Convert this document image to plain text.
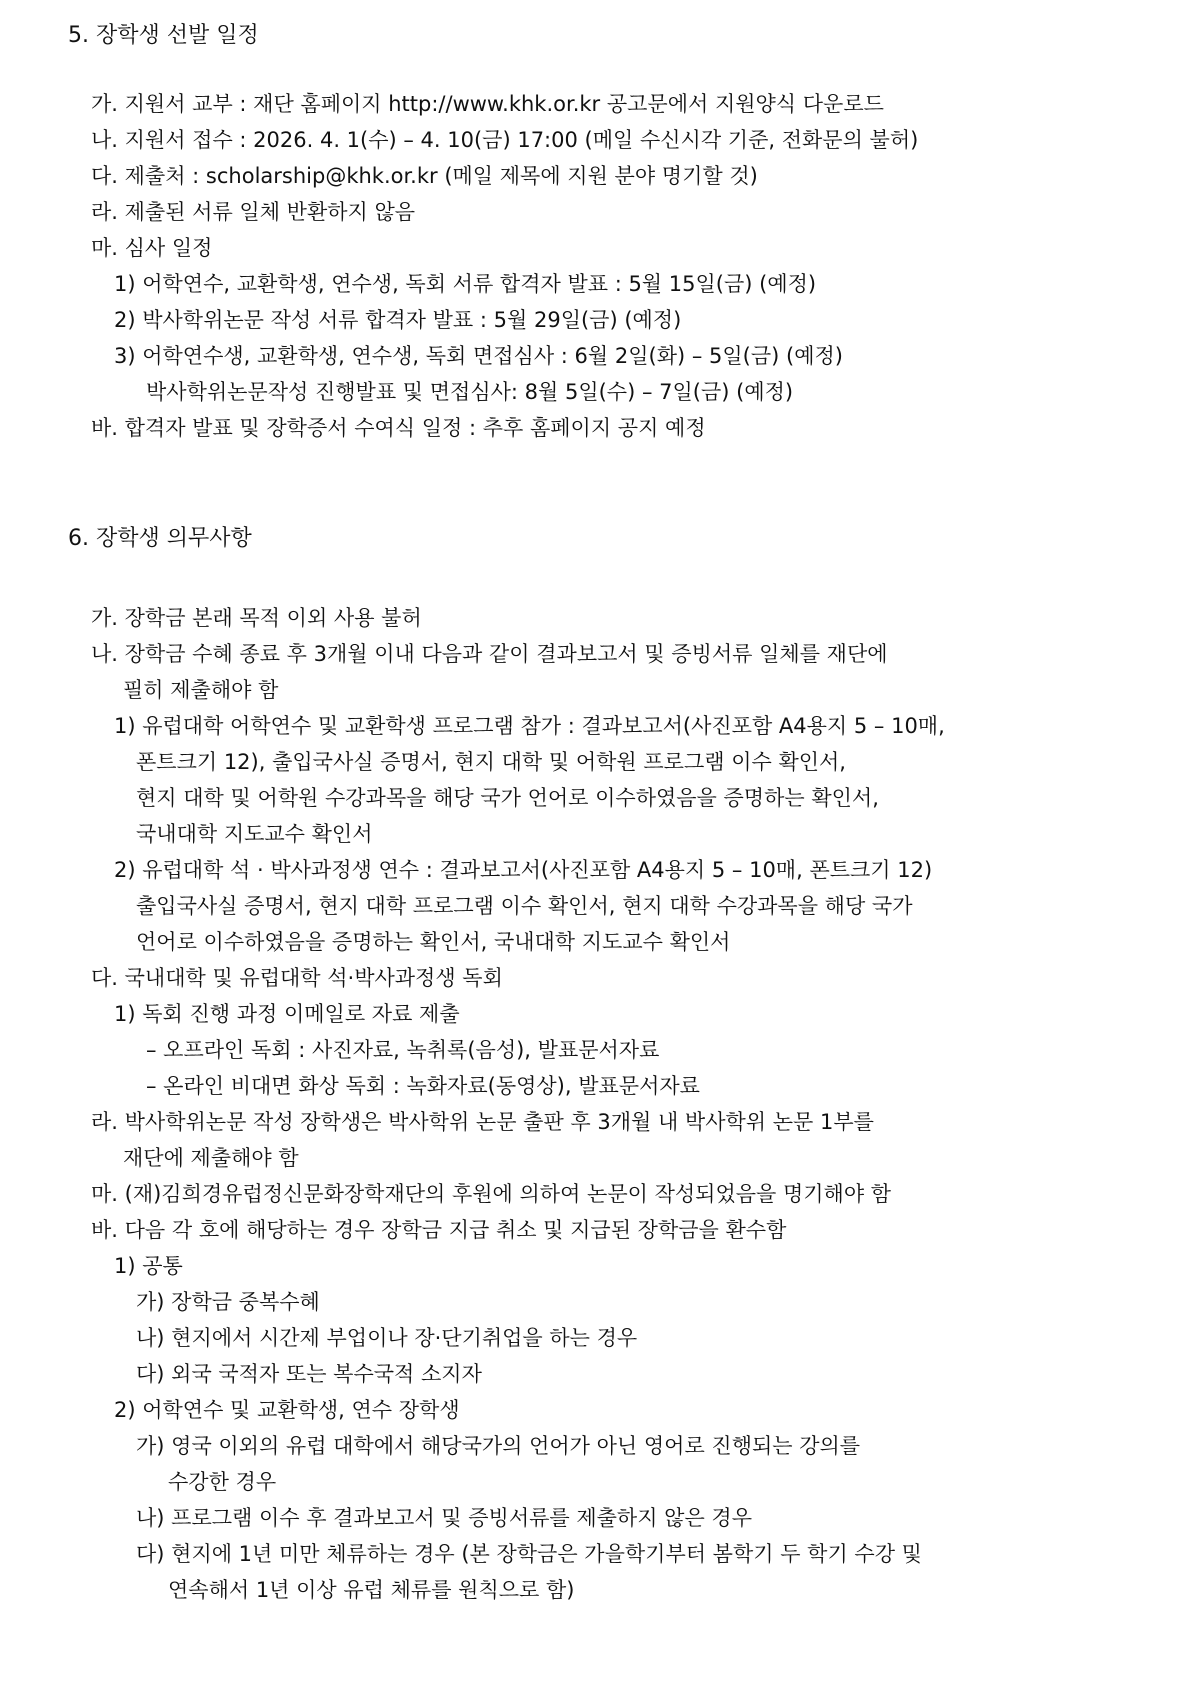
5. 장학생 선발 일정
가. 지원서 교부 : 재단 홈페이지 http://www.khk.or.kr 공고문에서 지원양식 다운로드
나. 지원서 접수 : 2026. 4. 1(수) – 4. 10(금) 17:00 (메일 수신시각 기준, 전화문의 불허)
다. 제출처 : scholarship@khk.or.kr (메일 제목에 지원 분야 명기할 것)
라. 제출된 서류 일체 반환하지 않음
마. 심사 일정
1) 어학연수, 교환학생, 연수생, 독회 서류 합격자 발표 : 5월 15일(금) (예정)
2) 박사학위논문 작성 서류 합격자 발표 : 5월 29일(금) (예정)
3) 어학연수생, 교환학생, 연수생, 독회 면접심사 : 6월 2일(화) – 5일(금) (예정)
박사학위논문작성 진행발표 및 면접심사: 8월 5일(수) – 7일(금) (예정)
바. 합격자 발표 및 장학증서 수여식 일정 : 추후 홈페이지 공지 예정
6. 장학생 의무사항
가. 장학금 본래 목적 이외 사용 불허
나. 장학금 수혜 종료 후 3개월 이내 다음과 같이 결과보고서 및 증빙서류 일체를 재단에
필히 제출해야 함
1) 유럽대학 어학연수 및 교환학생 프로그램 참가 : 결과보고서(사진포함 A4용지 5 – 10매,
폰트크기 12), 출입국사실 증명서, 현지 대학 및 어학원 프로그램 이수 확인서,
현지 대학 및 어학원 수강과목을 해당 국가 언어로 이수하였음을 증명하는 확인서,
국내대학 지도교수 확인서
2) 유럽대학 석 · 박사과정생 연수 : 결과보고서(사진포함 A4용지 5 – 10매, 폰트크기 12)
출입국사실 증명서, 현지 대학 프로그램 이수 확인서, 현지 대학 수강과목을 해당 국가
언어로 이수하였음을 증명하는 확인서, 국내대학 지도교수 확인서
다. 국내대학 및 유럽대학 석·박사과정생 독회
1) 독회 진행 과정 이메일로 자료 제출
– 오프라인 독회 : 사진자료, 녹취록(음성), 발표문서자료
– 온라인 비대면 화상 독회 : 녹화자료(동영상), 발표문서자료
라. 박사학위논문 작성 장학생은 박사학위 논문 출판 후 3개월 내 박사학위 논문 1부를
재단에 제출해야 함
마. (재)김희경유럽정신문화장학재단의 후원에 의하여 논문이 작성되었음을 명기해야 함
바. 다음 각 호에 해당하는 경우 장학금 지급 취소 및 지급된 장학금을 환수함
1) 공통
가) 장학금 중복수혜
나) 현지에서 시간제 부업이나 장·단기취업을 하는 경우
다) 외국 국적자 또는 복수국적 소지자
2) 어학연수 및 교환학생, 연수 장학생
가) 영국 이외의 유럽 대학에서 해당국가의 언어가 아닌 영어로 진행되는 강의를
수강한 경우
나) 프로그램 이수 후 결과보고서 및 증빙서류를 제출하지 않은 경우
다) 현지에 1년 미만 체류하는 경우 (본 장학금은 가을학기부터 봄학기 두 학기 수강 및
연속해서 1년 이상 유럽 체류를 원칙으로 함)
